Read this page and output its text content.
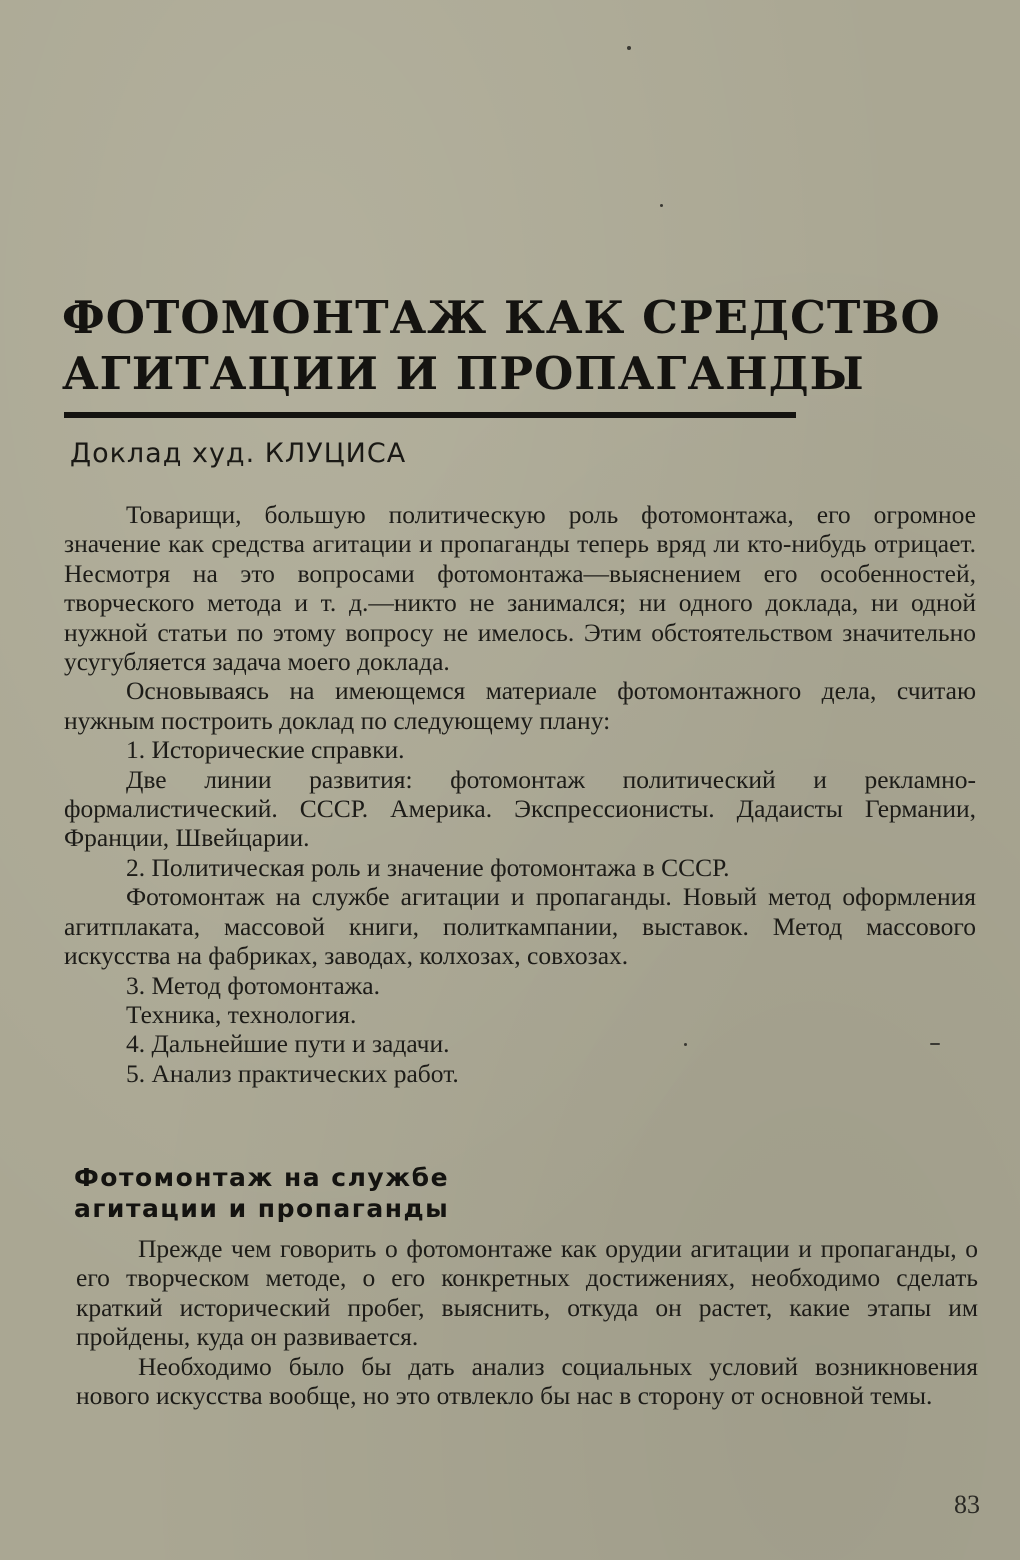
ФОТОМОНТАЖ КАК СРЕДСТВО
АГИТАЦИИ И ПРОПАГАНДЫ
Доклад худ. КЛУЦИСА

Товарищи, большую политическую роль фотомонтажа, его огромное значение как средства агитации и пропаганды теперь вряд ли кто-нибудь отрицает. Несмотря на это вопросами фотомонтажа—выяснением его особенностей, творческого метода и т. д.—никто не занимался; ни одного доклада, ни одной нужной статьи по этому вопросу не имелось. Этим обстоятельством значительно усугубляется задача моего доклада.

Основываясь на имеющемся материале фотомонтажного дела, считаю нужным построить доклад по следующему плану:

1. Исторические справки.

Две линии развития: фотомонтаж политический и рекламно-формалистический. СССР. Америка. Экспрессионисты. Дадаисты Германии, Франции, Швейцарии.

2. Политическая роль и значение фотомонтажа в СССР.

Фотомонтаж на службе агитации и пропаганды. Новый метод оформления агитплаката, массовой книги, политкампании, выставок. Метод массового искусства на фабриках, заводах, колхозах, совхозах.

3. Метод фотомонтажа.

Техника, технология.

4. Дальнейшие пути и задачи.

5. Анализ практических работ.

Фотомонтаж на службе
агитации и пропаганды

Прежде чем говорить о фотомонтаже как орудии агитации и пропаганды, о его творческом методе, о его конкретных достижениях, необходимо сделать краткий исторический пробег, выяснить, откуда он растет, какие этапы им пройдены, куда он развивается.

Необходимо было бы дать анализ социальных условий возникновения нового искусства вообще, но это отвлекло бы нас в сторону от основной темы.

83
